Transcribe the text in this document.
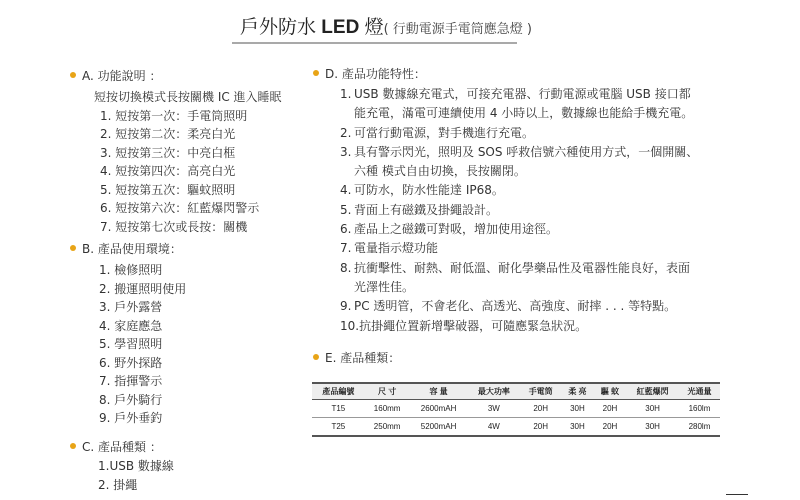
戶外防水 LED 燈( 行動電源手電筒應急燈 )
A. 功能說明 ：
短按切換模式長按關機 IC 進入睡眠
1. 短按第一次：手電筒照明
2. 短按第二次：柔亮白光
3. 短按第三次：中亮白框
4. 短按第四次：高亮白光
5. 短按第五次：驅蚊照明
6. 短按第六次：紅藍爆閃警示
7. 短按第七次或長按：關機
B. 產品使用環境：
1. 檢修照明
2. 搬運照明使用
3. 戶外露營
4. 家庭應急
5. 學習照明
6. 野外探路
7. 指揮警示
8. 戶外騎行
9. 戶外垂釣
C. 產品種類 ：
1.USB 數據線
2. 掛繩
D. 產品功能特性：
1. USB 數據線充電式，可接充電器、行動電源或電腦 USB 接口都
能充電，滿電可連續使用 4 小時以上，數據線也能給手機充電。
2. 可當行動電源，對手機進行充電。
3. 具有警示閃光，照明及 SOS 呼救信號六種使用方式，一個開關、
六種 模式自由切換，長按關閉。
4. 可防水，防水性能達 IP68。
5. 背面上有磁鐵及掛繩設計。
6. 產品上之磁鐵可對吸，增加使用途徑。
7. 電量指示燈功能
8. 抗衝擊性、耐熱、耐低溫、耐化學藥品性及電器性能良好，表面
光澤性佳。
9. PC 透明管，不會老化、高透光、高強度、耐摔 . . . 等特點。
10.抗掛繩位置新增擊破器，可隨應緊急狀況。
E. 產品種類：
產品編號	尺 寸	容 量	最大功率	手電筒	柔 亮	驅 蚊	紅藍爆閃	光通量
T15	160mm	2600mAH	3W	20H	30H	20H	30H	160lm
T25	250mm	5200mAH	4W	20H	30H	20H	30H	280lm
